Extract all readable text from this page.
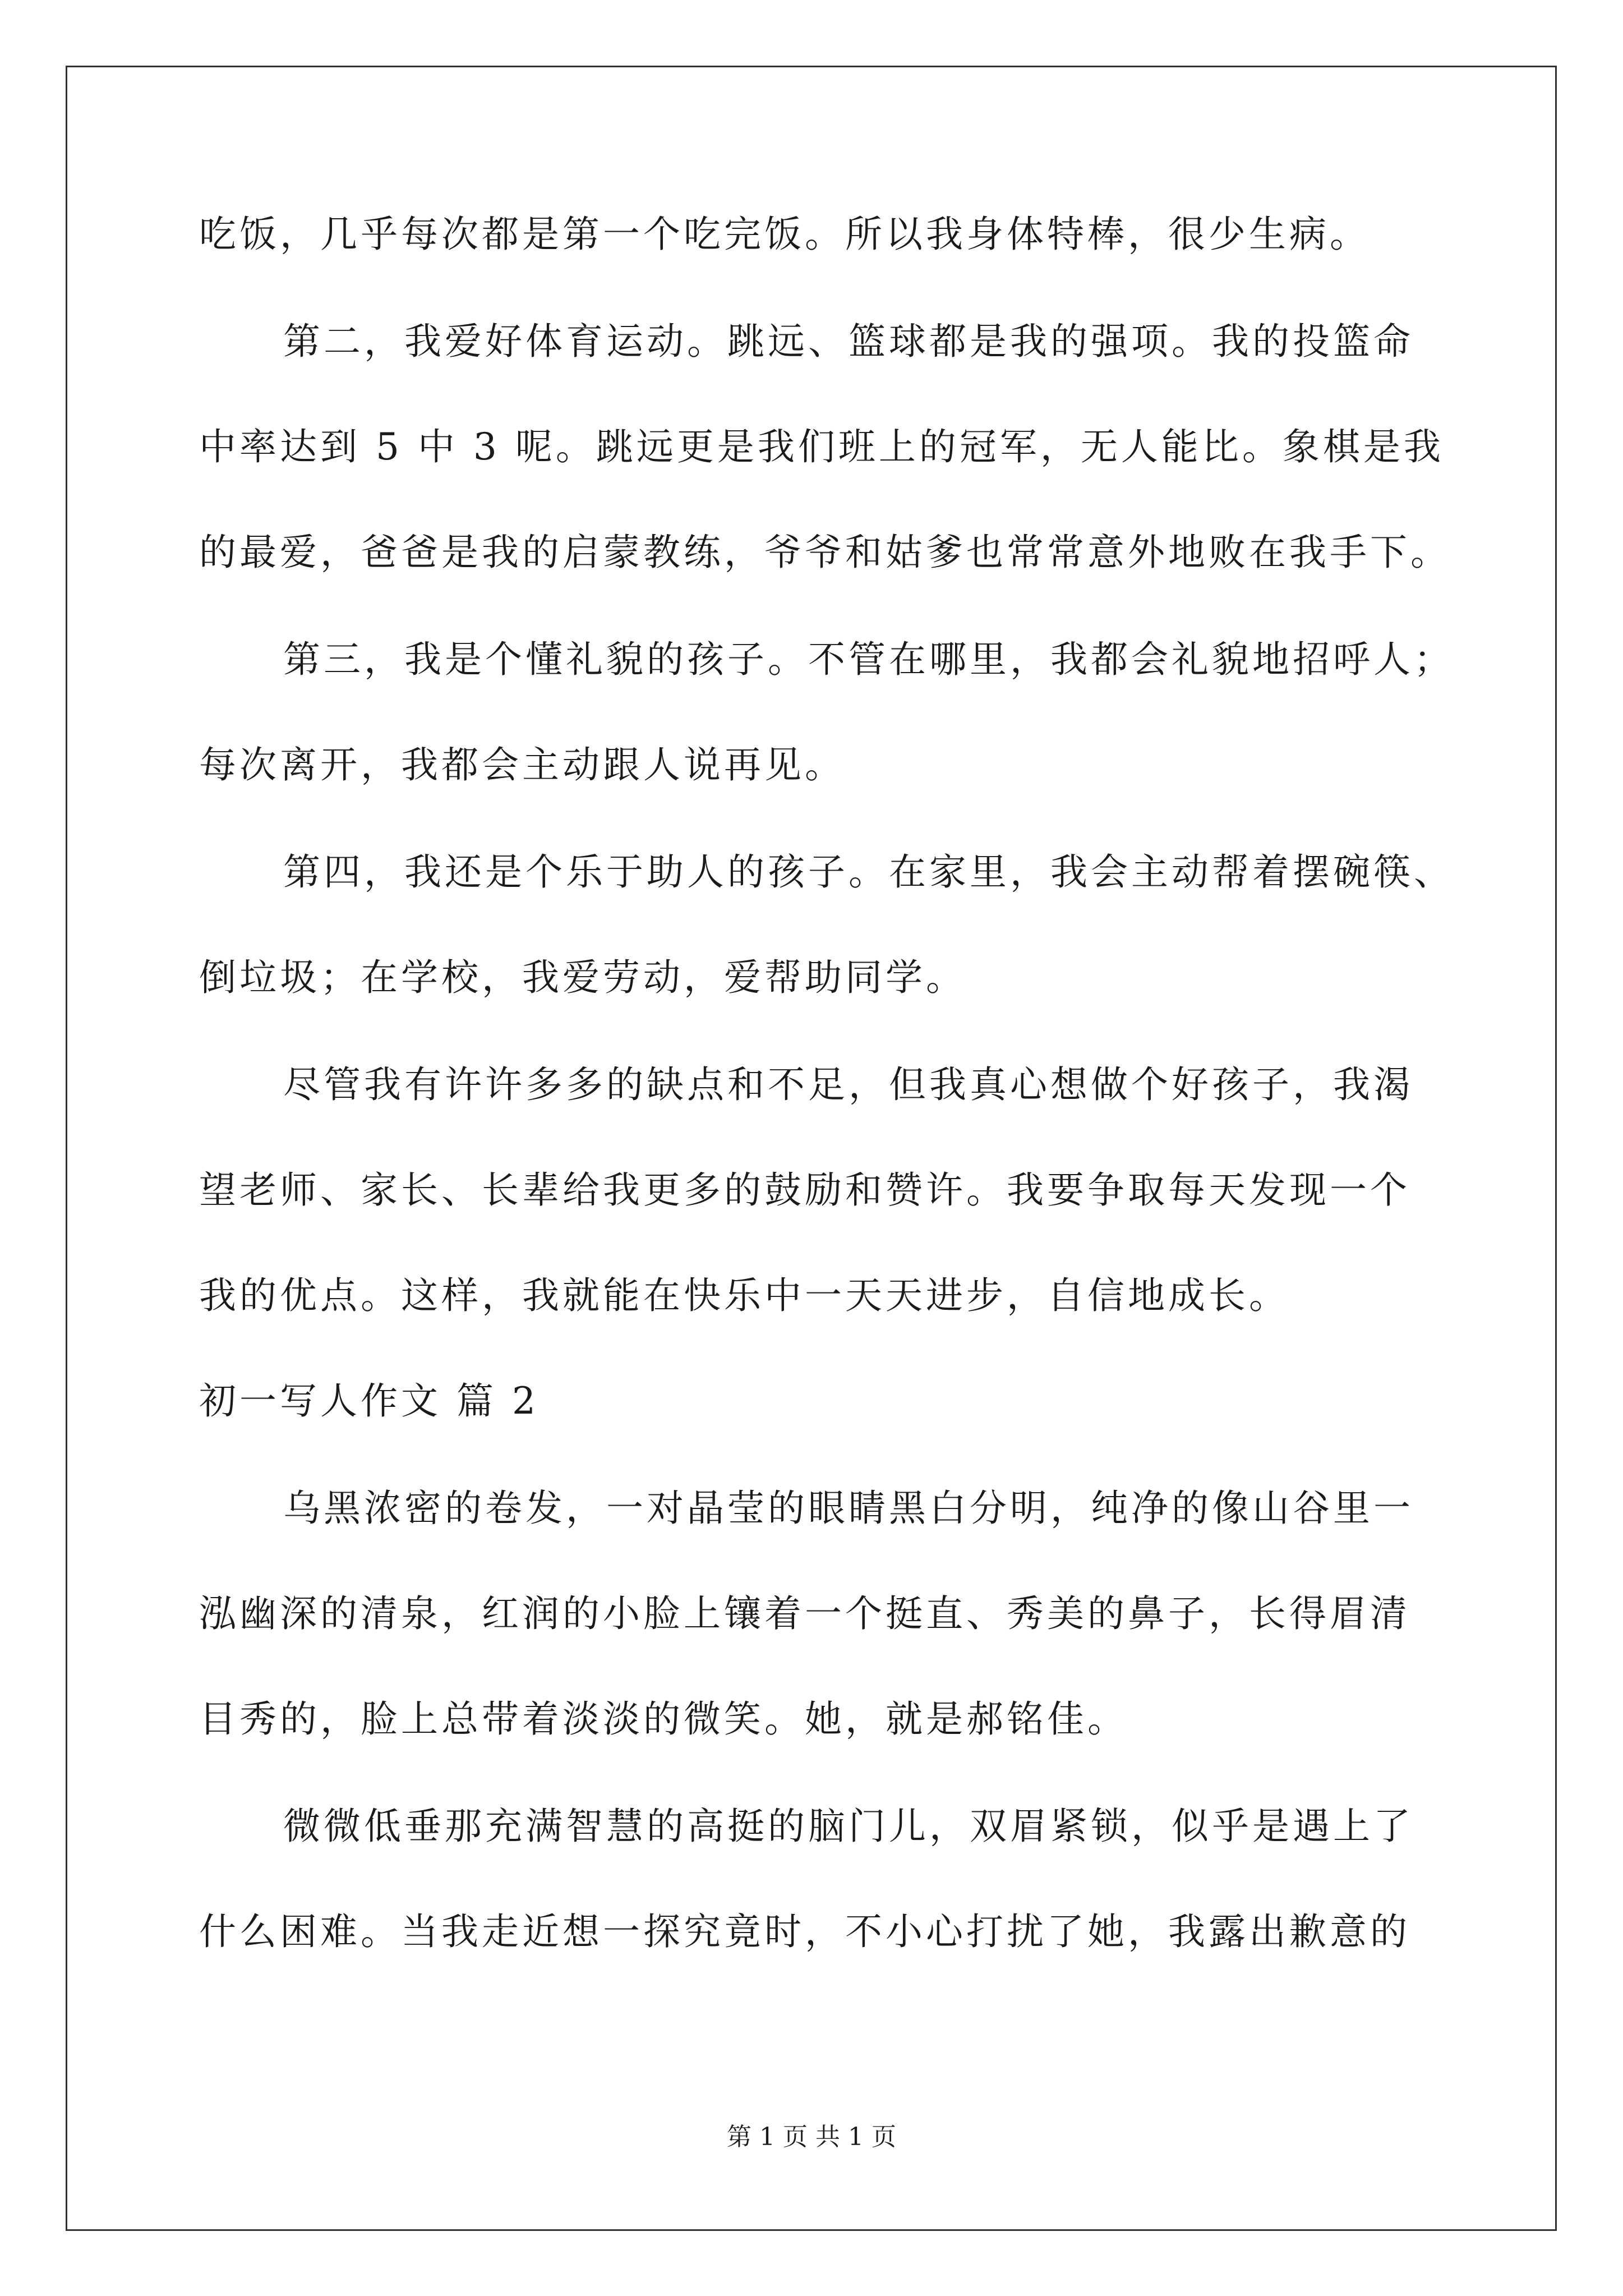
吃饭，几乎每次都是第一个吃完饭。所以我身体特棒，很少生病。
第二，我爱好体育运动。跳远、篮球都是我的强项。我的投篮命
中率达到 5 中 3 呢。跳远更是我们班上的冠军，无人能比。象棋是我
的最爱，爸爸是我的启蒙教练，爷爷和姑爹也常常意外地败在我手下。
第三，我是个懂礼貌的孩子。不管在哪里，我都会礼貌地招呼人；
每次离开，我都会主动跟人说再见。
第四，我还是个乐于助人的孩子。在家里，我会主动帮着摆碗筷、
倒垃圾；在学校，我爱劳动，爱帮助同学。
尽管我有许许多多的缺点和不足，但我真心想做个好孩子，我渴
望老师、家长、长辈给我更多的鼓励和赞许。我要争取每天发现一个
我的优点。这样，我就能在快乐中一天天进步，自信地成长。
初一写人作文 篇 2
乌黑浓密的卷发，一对晶莹的眼睛黑白分明，纯净的像山谷里一
泓幽深的清泉，红润的小脸上镶着一个挺直、秀美的鼻子，长得眉清
目秀的，脸上总带着淡淡的微笑。她，就是郝铭佳。
微微低垂那充满智慧的高挺的脑门儿，双眉紧锁，似乎是遇上了
什么困难。当我走近想一探究竟时，不小心打扰了她，我露出歉意的
第 1 页 共 1 页
